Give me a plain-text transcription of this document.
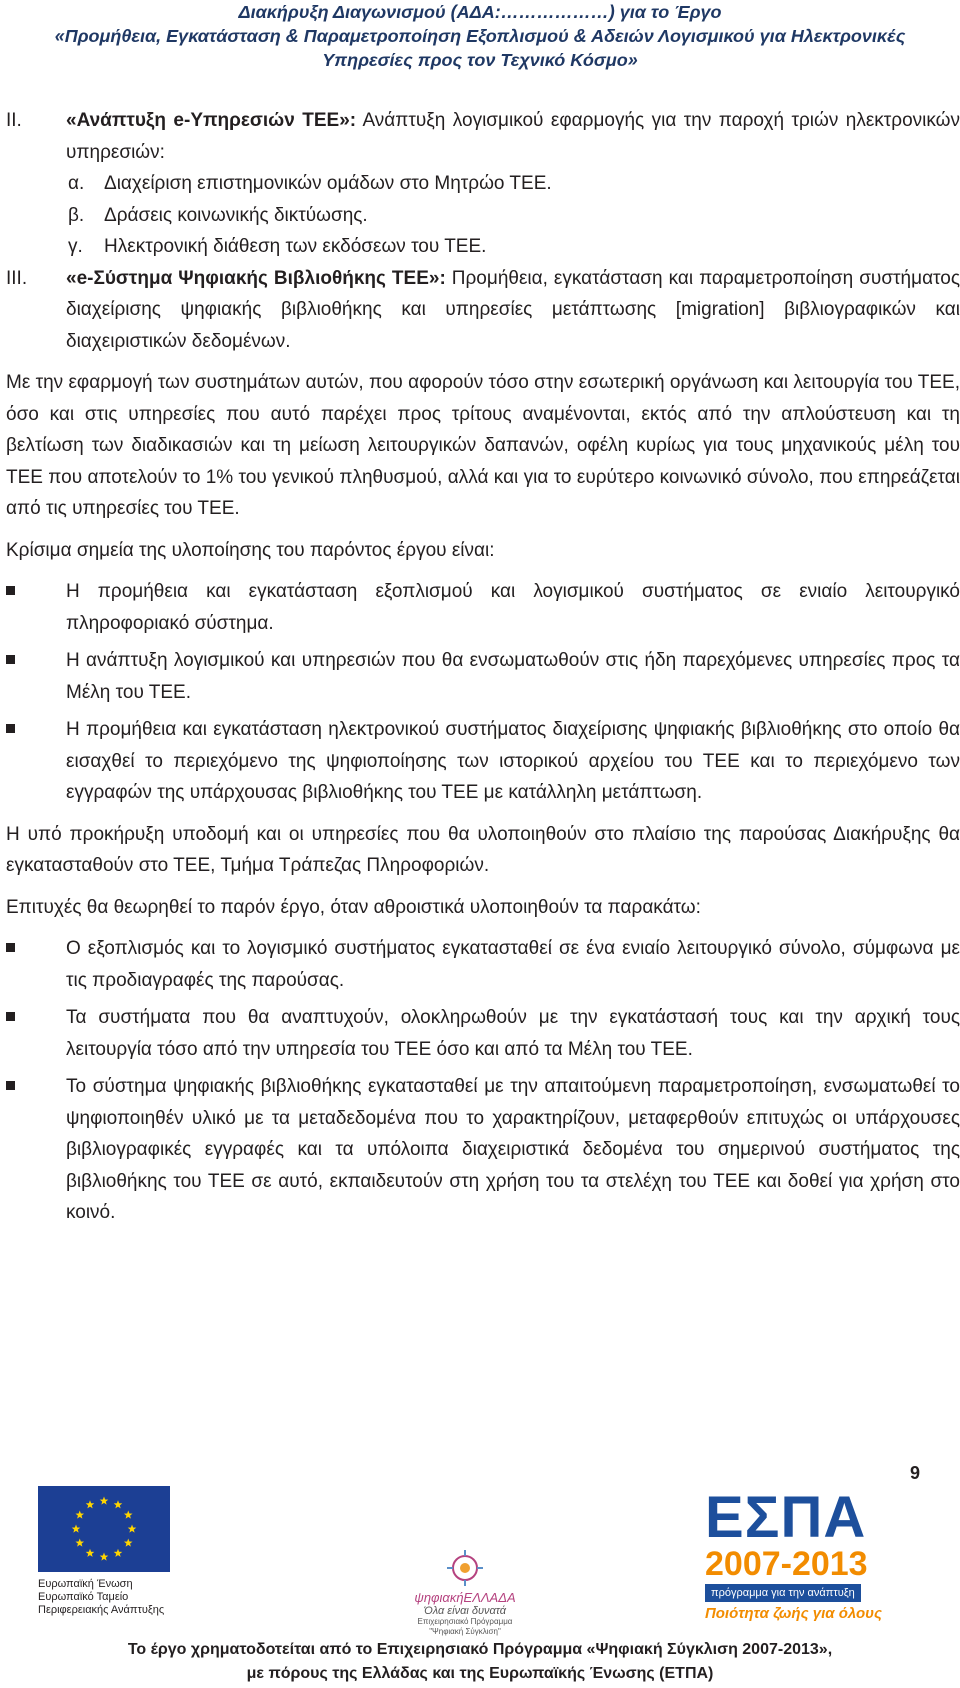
Διακήρυξη Διαγωνισμού (ΑΔΑ:………………) για το Έργο
«Προμήθεια, Εγκατάσταση & Παραμετροποίηση Εξοπλισμού & Αδειών Λογισμικού για Ηλεκτρονικές
Υπηρεσίες προς τον Τεχνικό Κόσμο»
II. «Ανάπτυξη e-Υπηρεσιών ΤΕΕ»: Ανάπτυξη λογισμικού εφαρμογής για την παροχή τριών ηλεκτρονικών υπηρεσιών:
α. Διαχείριση επιστημονικών ομάδων στο Μητρώο ΤΕΕ.
β. Δράσεις κοινωνικής δικτύωσης.
γ. Ηλεκτρονική διάθεση των εκδόσεων του ΤΕΕ.
III. «e-Σύστημα Ψηφιακής Βιβλιοθήκης ΤΕΕ»: Προμήθεια, εγκατάσταση και παραμετροποίηση συστήματος διαχείρισης ψηφιακής βιβλιοθήκης και υπηρεσίες μετάπτωσης [migration] βιβλιογραφικών και διαχειριστικών δεδομένων.

Με την εφαρμογή των συστημάτων αυτών, που αφορούν τόσο στην εσωτερική οργάνωση και λειτουργία του ΤΕΕ, όσο και στις υπηρεσίες που αυτό παρέχει προς τρίτους αναμένονται, εκτός από την απλούστευση και τη βελτίωση των διαδικασιών και τη μείωση λειτουργικών δαπανών, οφέλη κυρίως για τους μηχανικούς μέλη του ΤΕΕ που αποτελούν το 1% του γενικού πληθυσμού, αλλά και για το ευρύτερο κοινωνικό σύνολο, που επηρεάζεται από τις υπηρεσίες του ΤΕΕ.

Κρίσιμα σημεία της υλοποίησης του παρόντος έργου είναι:

Η προμήθεια και εγκατάσταση εξοπλισμού και λογισμικού συστήματος σε ενιαίο λειτουργικό πληροφοριακό σύστημα.
Η ανάπτυξη λογισμικού και υπηρεσιών που θα ενσωματωθούν στις ήδη παρεχόμενες υπηρεσίες προς τα Μέλη του ΤΕΕ.
Η προμήθεια και εγκατάσταση ηλεκτρονικού συστήματος διαχείρισης ψηφιακής βιβλιοθήκης στο οποίο θα εισαχθεί το περιεχόμενο της ψηφιοποίησης των ιστορικού αρχείου του ΤΕΕ και το περιεχόμενο των εγγραφών της υπάρχουσας βιβλιοθήκης του ΤΕΕ με κατάλληλη μετάπτωση.

Η υπό προκήρυξη υποδομή και οι υπηρεσίες που θα υλοποιηθούν στο πλαίσιο της παρούσας Διακήρυξης θα εγκατασταθούν στο ΤΕΕ, Τμήμα Τράπεζας Πληροφοριών.

Επιτυχές θα θεωρηθεί το παρόν έργο, όταν αθροιστικά υλοποιηθούν τα παρακάτω:

Ο εξοπλισμός και το λογισμικό συστήματος εγκατασταθεί σε ένα ενιαίο λειτουργικό σύνολο, σύμφωνα με τις προδιαγραφές της παρούσας.
Τα συστήματα που θα αναπτυχούν, ολοκληρωθούν με την εγκατάστασή τους και την αρχική τους λειτουργία τόσο από την υπηρεσία του ΤΕΕ όσο και από τα Μέλη του ΤΕΕ.
Το σύστημα ψηφιακής βιβλιοθήκης εγκατασταθεί με την απαιτούμενη παραμετροποίηση, ενσωματωθεί το ψηφιοποιηθέν υλικό με τα μεταδεδομένα που το χαρακτηρίζουν, μεταφερθούν επιτυχώς οι υπάρχουσες βιβλιογραφικές εγγραφές και τα υπόλοιπα διαχειριστικά δεδομένα του σημερινού συστήματος της βιβλιοθήκης του ΤΕΕ σε αυτό, εκπαιδευτούν στη χρήση του τα στελέχη του ΤΕΕ και δοθεί για χρήση στο κοινό.
9
Ευρωπαϊκή Ένωση
Ευρωπαϊκό Ταμείο
Περιφερειακής Ανάπτυξης
ψηφιακήΕΛΛΑΔΑ
Όλα είναι δυνατά
Επιχειρησιακό Πρόγραμμα
"Ψηφιακή Σύγκλιση"
ΕΣΠΑ
2007-2013
πρόγραμμα για την ανάπτυξη
Ποιότητα ζωής για όλους
Το έργο χρηματοδοτείται από το Επιχειρησιακό Πρόγραμμα «Ψηφιακή Σύγκλιση 2007-2013»,
με πόρους της Ελλάδας και της Ευρωπαϊκής Ένωσης (ΕΤΠΑ)
